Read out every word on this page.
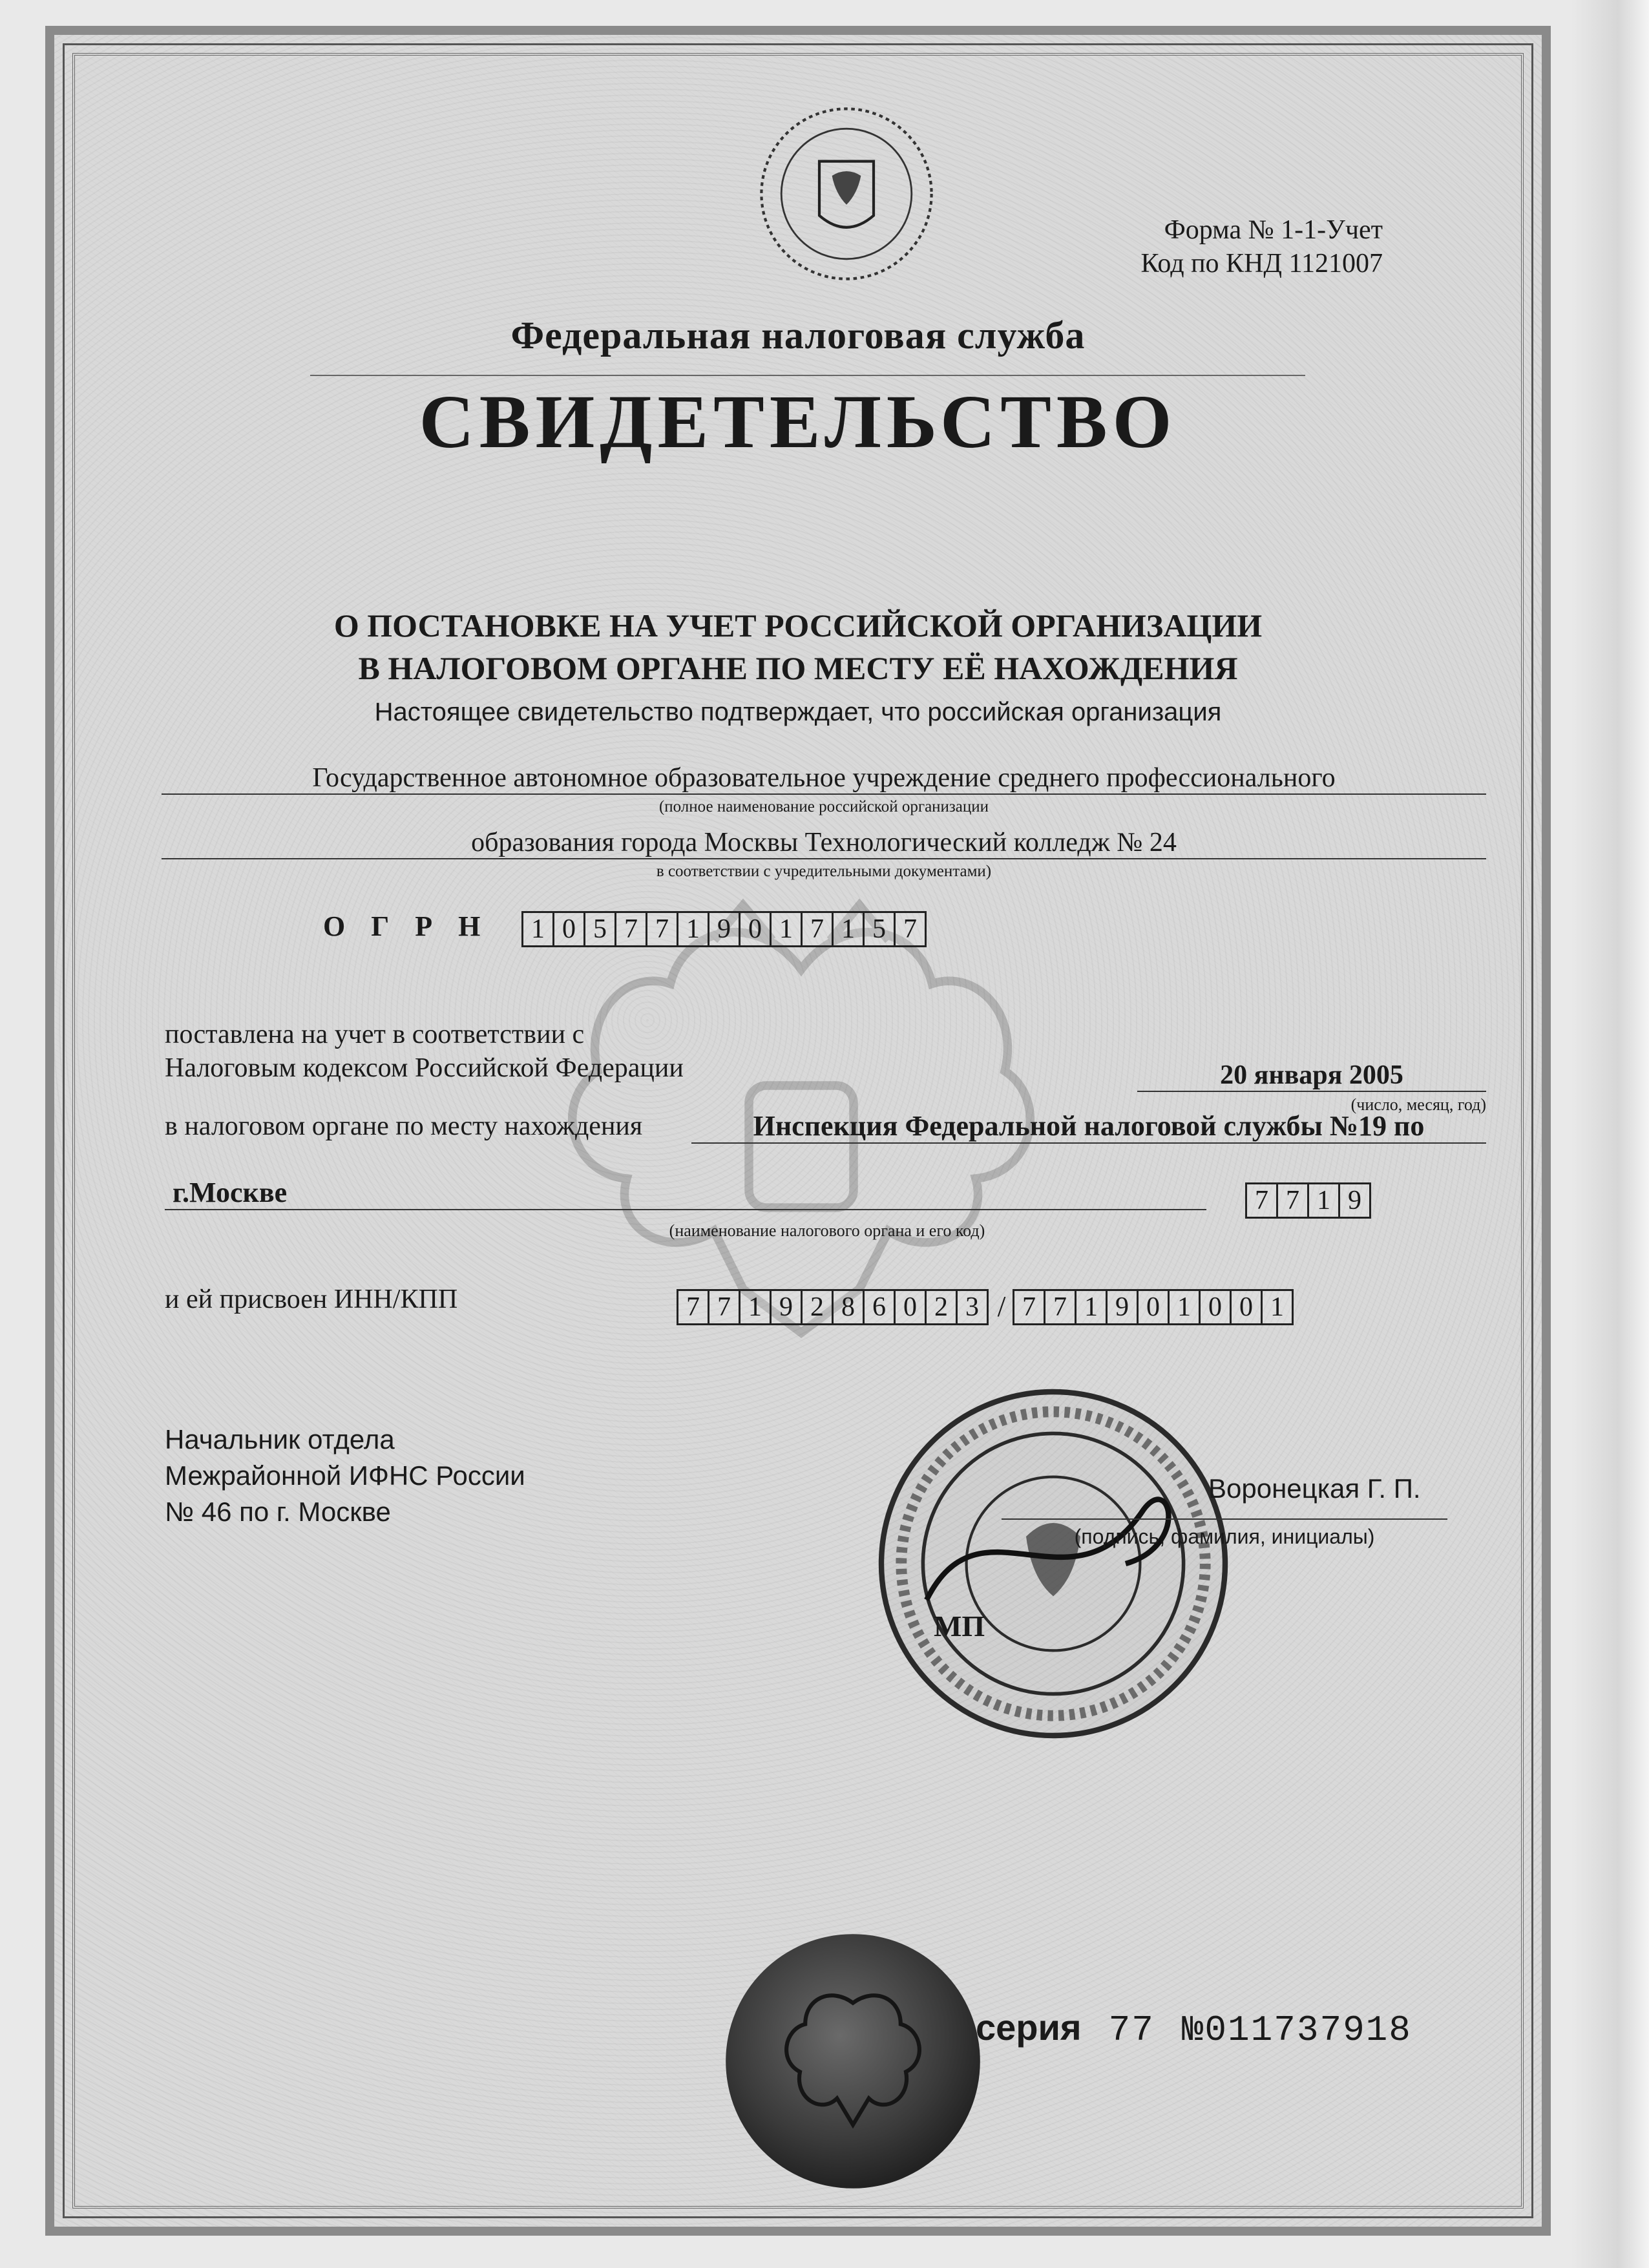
Форма № 1-1-Учет
Код по КНД 1121007
Федеральная налоговая служба
СВИДЕТЕЛЬСТВО
О ПОСТАНОВКЕ НА УЧЕТ РОССИЙСКОЙ ОРГАНИЗАЦИИ
В НАЛОГОВОМ ОРГАНЕ ПО МЕСТУ ЕЁ НАХОЖДЕНИЯ
Настоящее свидетельство подтверждает, что российская организация
Государственное автономное образовательное учреждение среднего профессионального
(полное наименование российской организации
образования города Москвы Технологический колледж № 24
в соответствии с учредительными документами)
ОГРН 1 0 5 7 7 1 9 0 1 7 1 5 7
поставлена на учет в соответствии с
Налоговым кодексом Российской Федерации	20 января 2005
(число, месяц, год)
в налоговом органе по месту нахождения	Инспекция Федеральной налоговой службы №19 по
г.Москве	7 7 1 9
(наименование налогового органа и его код)
и ей присвоен ИНН/КПП	7 7 1 9 2 8 6 0 2 3 / 7 7 1 9 0 1 0 0 1
Начальник отдела
Межрайонной ИФНС России
№ 46 по г. Москве
Воронецкая Г. П.
(подпись, фамилия, инициалы)
МП
серия 77 №011737918
